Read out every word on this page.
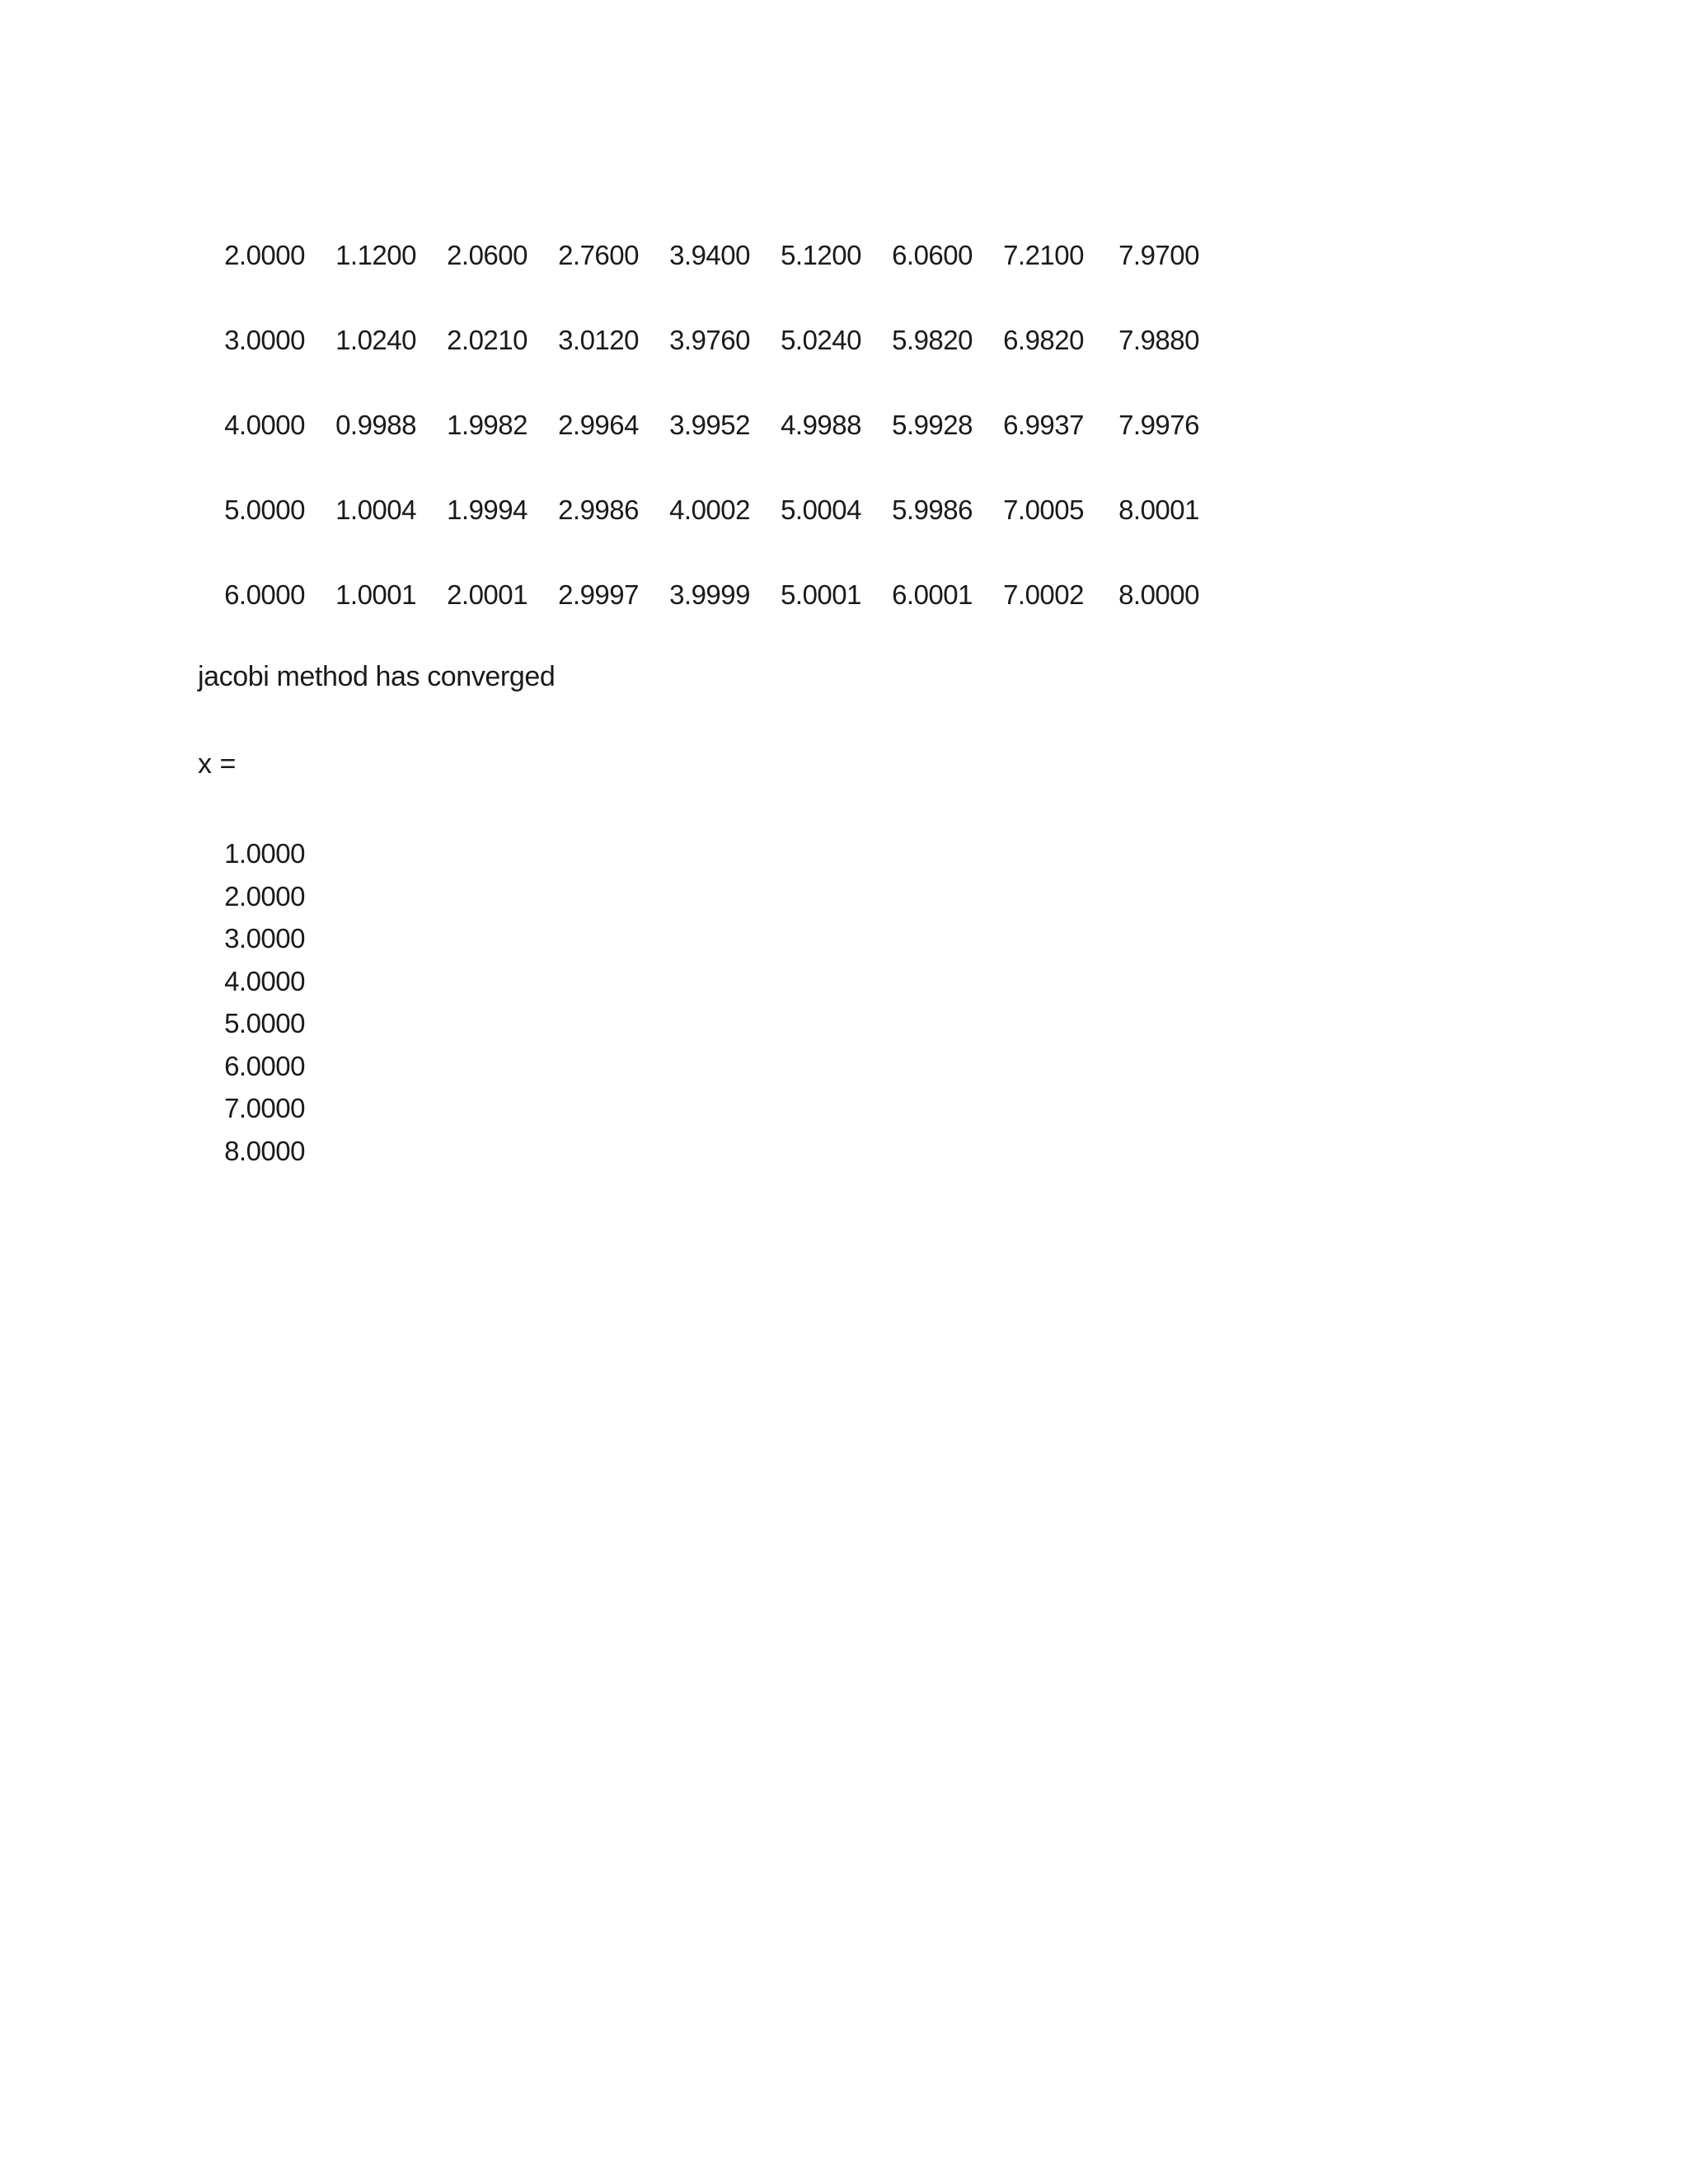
2.0000	1.1200	2.0600	2.7600	3.9400	5.1200	6.0600	7.2100	7.9700
3.0000	1.0240	2.0210	3.0120	3.9760	5.0240	5.9820	6.9820	7.9880
4.0000	0.9988	1.9982	2.9964	3.9952	4.9988	5.9928	6.9937	7.9976
5.0000	1.0004	1.9994	2.9986	4.0002	5.0004	5.9986	7.0005	8.0001
6.0000	1.0001	2.0001	2.9997	3.9999	5.0001	6.0001	7.0002	8.0000
jacobi method has converged
x =
1.0000
2.0000
3.0000
4.0000
5.0000
6.0000
7.0000
8.0000
